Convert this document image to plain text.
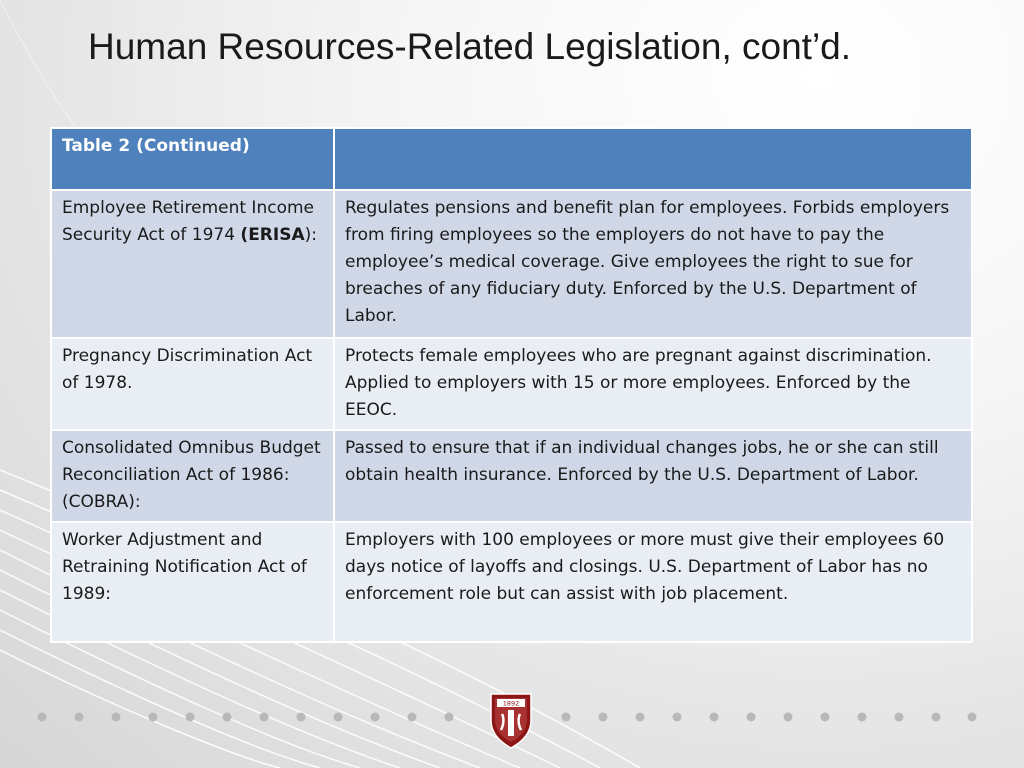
Human Resources-Related Legislation, cont’d.
Table 2 (Continued)	
Employee Retirement Income Security Act of 1974 (ERISA):	Regulates pensions and benefit plan for employees. Forbids employers from firing employees so the employers do not have to pay the employee’s medical coverage. Give employees the right to sue for breaches of any fiduciary duty. Enforced by the U.S. Department of Labor.
Pregnancy Discrimination Act of 1978.	Protects female employees who are pregnant against discrimination. Applied to employers with 15 or more employees. Enforced by the EEOC.
Consolidated Omnibus Budget Reconciliation Act of 1986: (COBRA):	Passed to ensure that if an individual changes jobs, he or she can still obtain health insurance. Enforced by the U.S. Department of Labor.
Worker Adjustment and Retraining Notification Act of 1989:	Employers with 100 employees or more must give their employees 60 days notice of layoffs and closings. U.S. Department of Labor has no enforcement role but can assist with job placement.
1892
